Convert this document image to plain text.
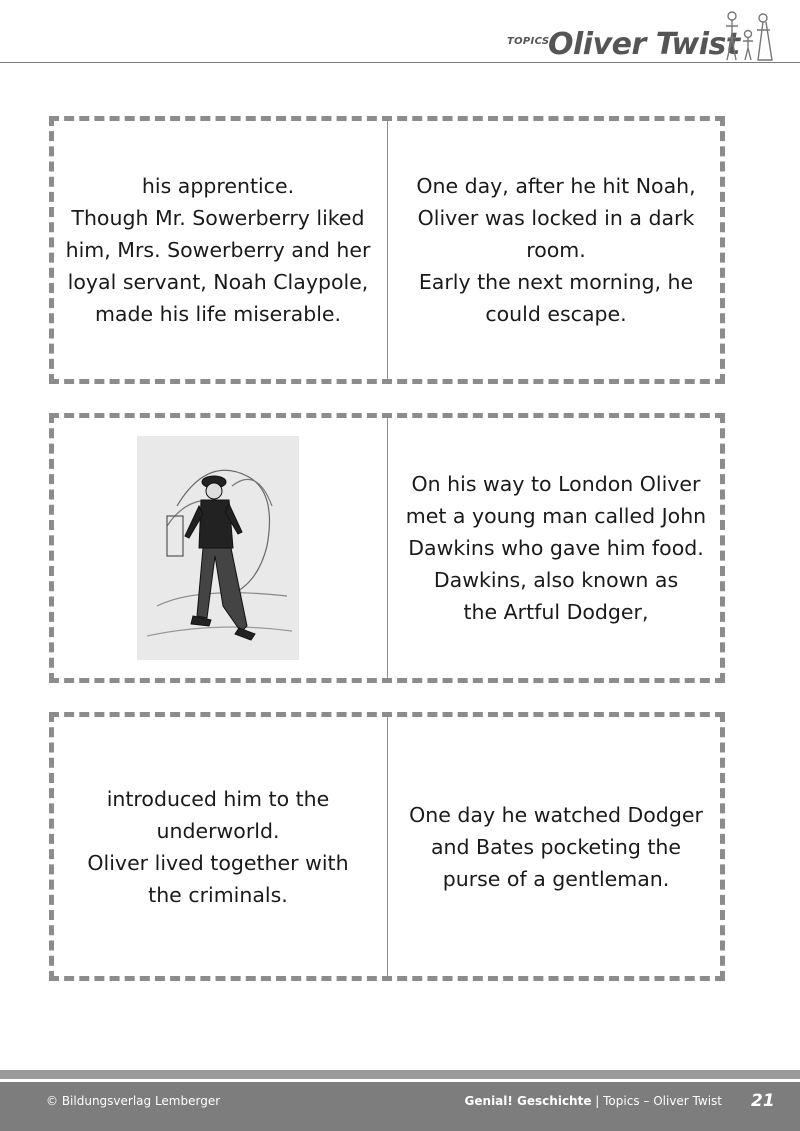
TOPICS
Oliver Twist
his apprentice.
Though Mr. Sowerberry liked
him, Mrs. Sowerberry and her
loyal servant, Noah Claypole,
made his life miserable.
One day, after he hit Noah,
Oliver was locked in a dark
room.
Early the next morning, he
could escape.
On his way to London Oliver
met a young man called John
Dawkins who gave him food.
Dawkins, also known as
the Artful Dodger,
introduced him to the
underworld.
Oliver lived together with
the criminals.
One day he watched Dodger
and Bates pocketing the
purse of a gentleman.
© Bildungsverlag Lemberger	Genial! Geschichte | Topics – Oliver Twist 21
